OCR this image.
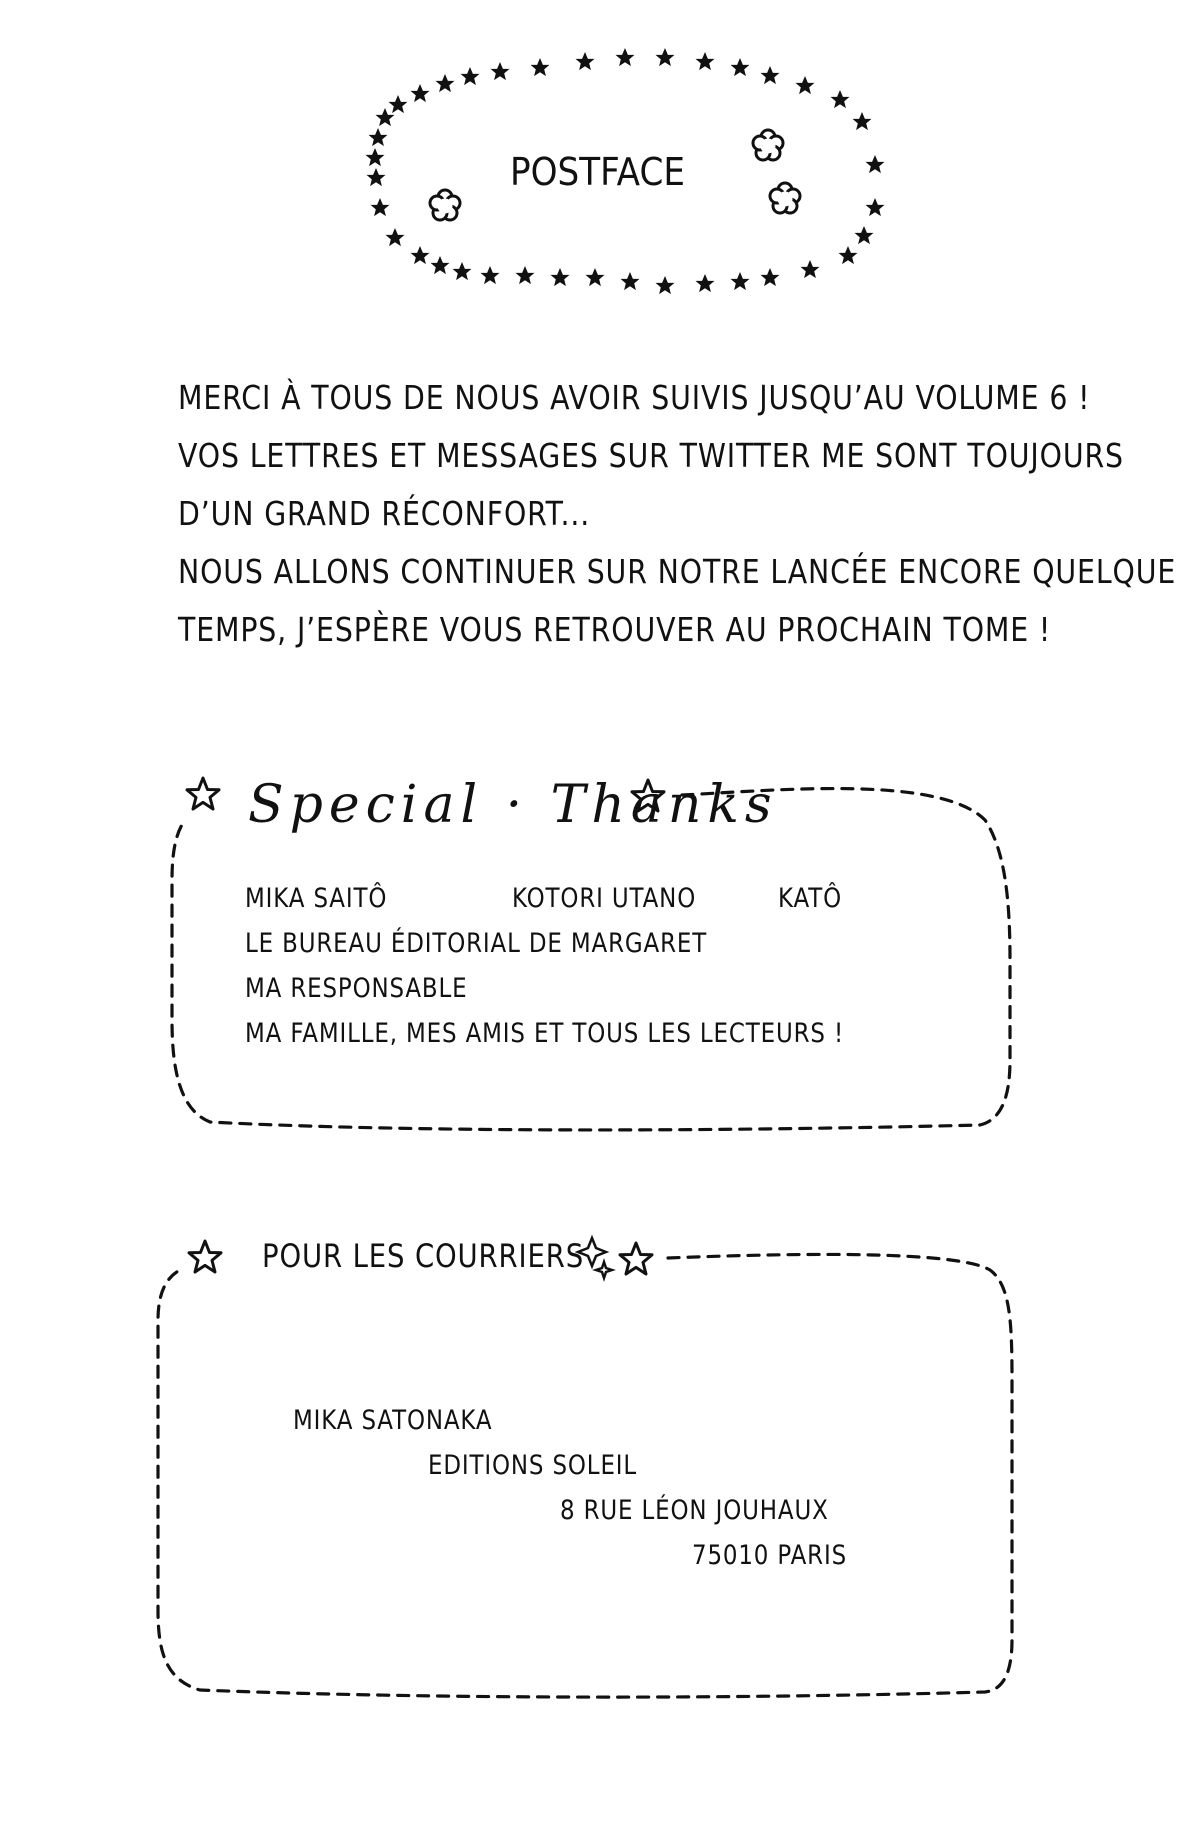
POSTFACE
MERCI À TOUS DE NOUS AVOIR SUIVIS JUSQU’AU VOLUME 6 !
VOS LETTRES ET MESSAGES SUR TWITTER ME SONT TOUJOURS
D’UN GRAND RÉCONFORT...
NOUS ALLONS CONTINUER SUR NOTRE LANCÉE ENCORE QUELQUE
TEMPS, J’ESPÈRE VOUS RETROUVER AU PROCHAIN TOME !
Special · Thanks
MIKA SAITÔ	KOTORI UTANO	KATÔ
LE BUREAU ÉDITORIAL DE MARGARET
MA RESPONSABLE
MA FAMILLE, MES AMIS ET TOUS LES LECTEURS !
POUR LES COURRIERS
MIKA SATONAKA
EDITIONS SOLEIL
8 RUE LÉON JOUHAUX
75010 PARIS
